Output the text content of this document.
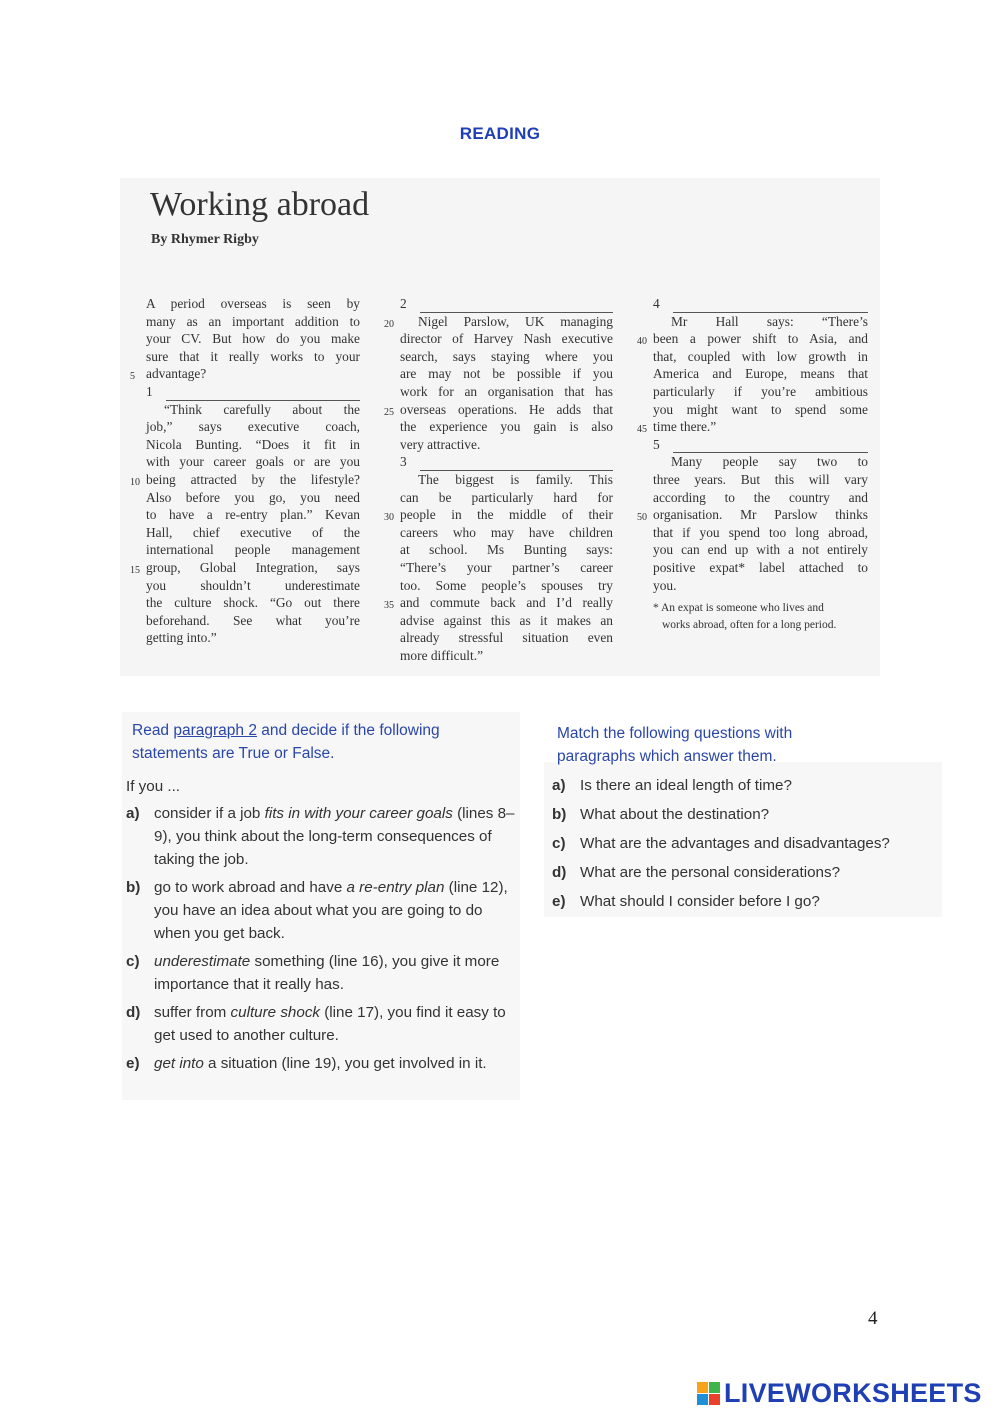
READING
Working abroad
By Rhymer Rigby
A period overseas is seen by
many as an important addition to
your CV. But how do you make
sure that it really works to your
advantage?
1
“Think carefully about the
job,” says executive coach,
Nicola Bunting. “Does it fit in
with your career goals or are you
being attracted by the lifestyle?
Also before you go, you need
to have a re-entry plan.” Kevan
Hall, chief executive of the
international people management
group, Global Integration, says
you shouldn’t underestimate
the culture shock. “Go out there
beforehand. See what you’re
getting into.”
5
10
15
2
Nigel Parslow, UK managing
director of Harvey Nash executive
search, says staying where you
are may not be possible if you
work for an organisation that has
overseas operations. He adds that
the experience you gain is also
very attractive.
3
The biggest is family. This
can be particularly hard for
people in the middle of their
careers who may have children
at school. Ms Bunting says:
“There’s your partner’s career
too. Some people’s spouses try
and commute back and I’d really
advise against this as it makes an
already stressful situation even
more difficult.”
20
25
30
35
4
Mr Hall says: “There’s
been a power shift to Asia, and
that, coupled with low growth in
America and Europe, means that
particularly if you’re ambitious
you might want to spend some
time there.”
5
Many people say two to
three years. But this will vary
according to the country and
organisation. Mr Parslow thinks
that if you spend too long abroad,
you can end up with a not entirely
positive expat* label attached to
you.
* An expat is someone who lives and
works abroad, often for a long period.
40
45
50
Read paragraph 2 and decide if the following
statements are True or False.
If you ...
a) consider if a job fits in with your career goals (lines 8–9), you think about the long-term consequences of taking the job.
b) go to work abroad and have a re-entry plan (line 12), you have an idea about what you are going to do when you get back.
c) underestimate something (line 16), you give it more importance that it really has.
d) suffer from culture shock (line 17), you find it easy to get used to another culture.
e) get into a situation (line 19), you get involved in it.
Match the following questions with
paragraphs which answer them.
a) Is there an ideal length of time?
b) What about the destination?
c) What are the advantages and disadvantages?
d) What are the personal considerations?
e) What should I consider before I go?
4
LIVEWORKSHEETS
